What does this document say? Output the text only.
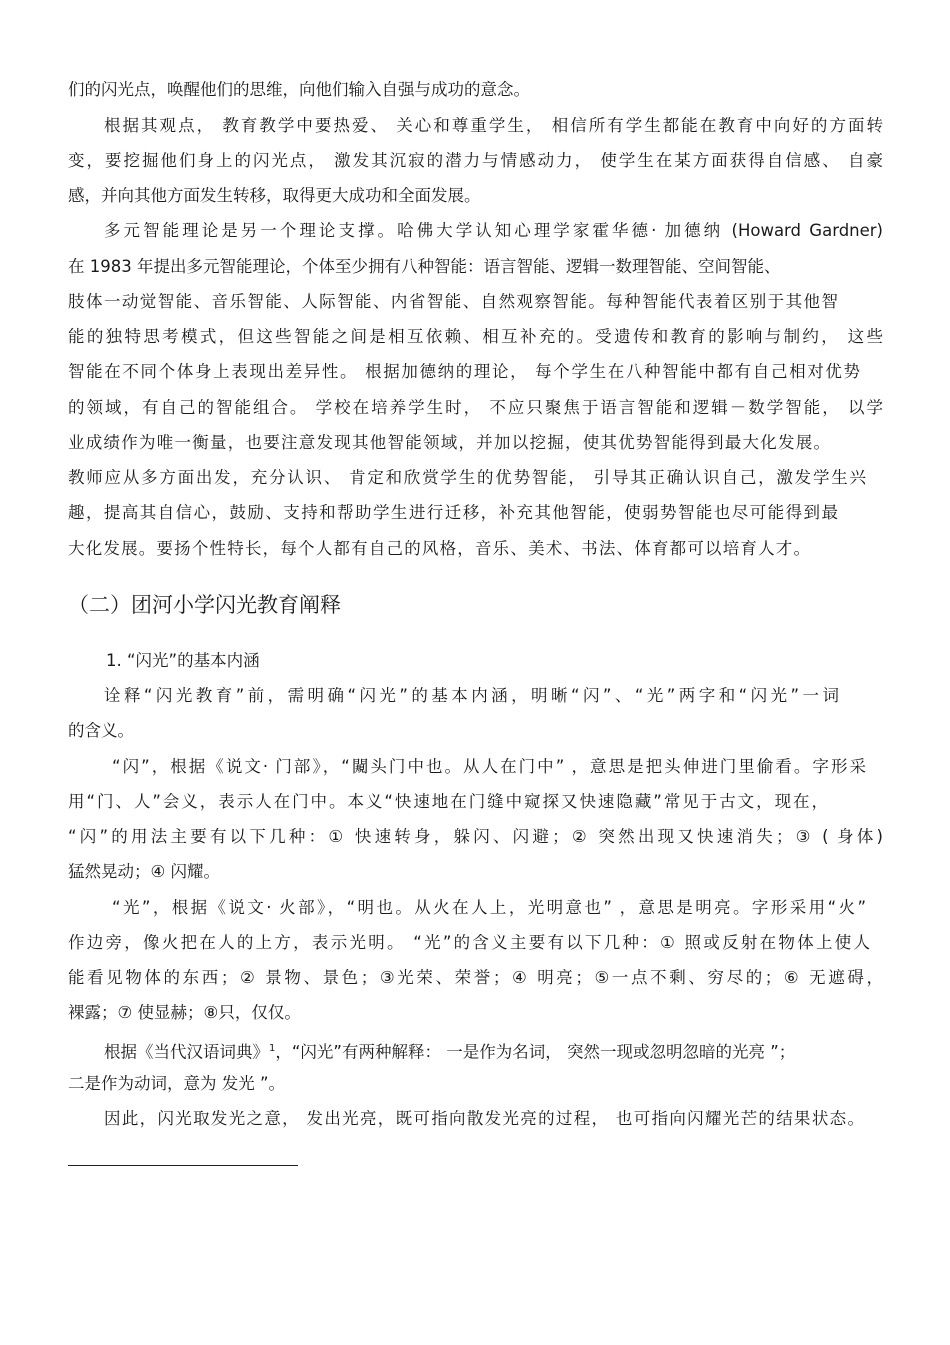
们的闪光点，唤醒他们的思维，向他们输入自强与成功的意念。
根据其观点， 教育教学中要热爱、 关心和尊重学生， 相信所有学生都能在教育中向好的方面转
变，要挖掘他们身上的闪光点， 激发其沉寂的潜力与情感动力， 使学生在某方面获得自信感、 自豪
感，并向其他方面发生转移，取得更大成功和全面发展。
多元智能理论是另一个理论支撑。哈佛大学认知心理学家霍华德· 加德纳 (Howard Gardner)
在 1983 年提出多元智能理论，个体至少拥有八种智能：语言智能、逻辑一数理智能、空间智能、
肢体一动觉智能、音乐智能、人际智能、内省智能、自然观察智能。每种智能代表着区别于其他智
能的独特思考模式，但这些智能之间是相互依赖、相互补充的。受遗传和教育的影响与制约， 这些
智能在不同个体身上表现出差异性。 根据加德纳的理论， 每个学生在八种智能中都有自己相对优势
的领域，有自己的智能组合。 学校在培养学生时， 不应只聚焦于语言智能和逻辑－数学智能， 以学
业成绩作为唯一衡量，也要注意发现其他智能领域，并加以挖掘，使其优势智能得到最大化发展。
教师应从多方面出发，充分认识、 肯定和欣赏学生的优势智能， 引导其正确认识自己，激发学生兴
趣，提高其自信心，鼓励、支持和帮助学生进行迁移，补充其他智能，使弱势智能也尽可能得到最
大化发展。要扬个性特长，每个人都有自己的风格，音乐、美术、书法、体育都可以培育人才。
（二）团河小学闪光教育阐释
1. “闪光”的基本内涵
诠释“闪光教育”前，需明确“闪光”的基本内涵，明晰“闪”、“光”两字和“闪光”一词
的含义。
“闪”，根据《说文· 门部》，“闚头门中也。从人在门中” ，意思是把头伸进门里偷看。字形采
用“门、人”会义，表示人在门中。本义“快速地在门缝中窥探又快速隐藏”常见于古文，现在，
“闪”的用法主要有以下几种：① 快速转身，躲闪、闪避；② 突然出现又快速消失；③ ( 身体)
猛然晃动；④ 闪耀。
“光”，根据《说文· 火部》，“明也。从火在人上，光明意也” ，意思是明亮。字形采用“火”
作边旁，像火把在人的上方，表示光明。 “光”的含义主要有以下几种：① 照或反射在物体上使人
能看见物体的东西；② 景物、景色；③光荣、荣誉；④ 明亮；⑤一点不剩、穷尽的；⑥ 无遮碍，
裸露；⑦ 使显赫；⑧只，仅仅。
根据《当代汉语词典》$^1$，“闪光”有两种解释： 一是作为名词， 突然一现或忽明忽暗的光亮 ”；
二是作为动词，意为 发光 ”。
因此，闪光取发光之意， 发出光亮，既可指向散发光亮的过程， 也可指向闪耀光芒的结果状态。
